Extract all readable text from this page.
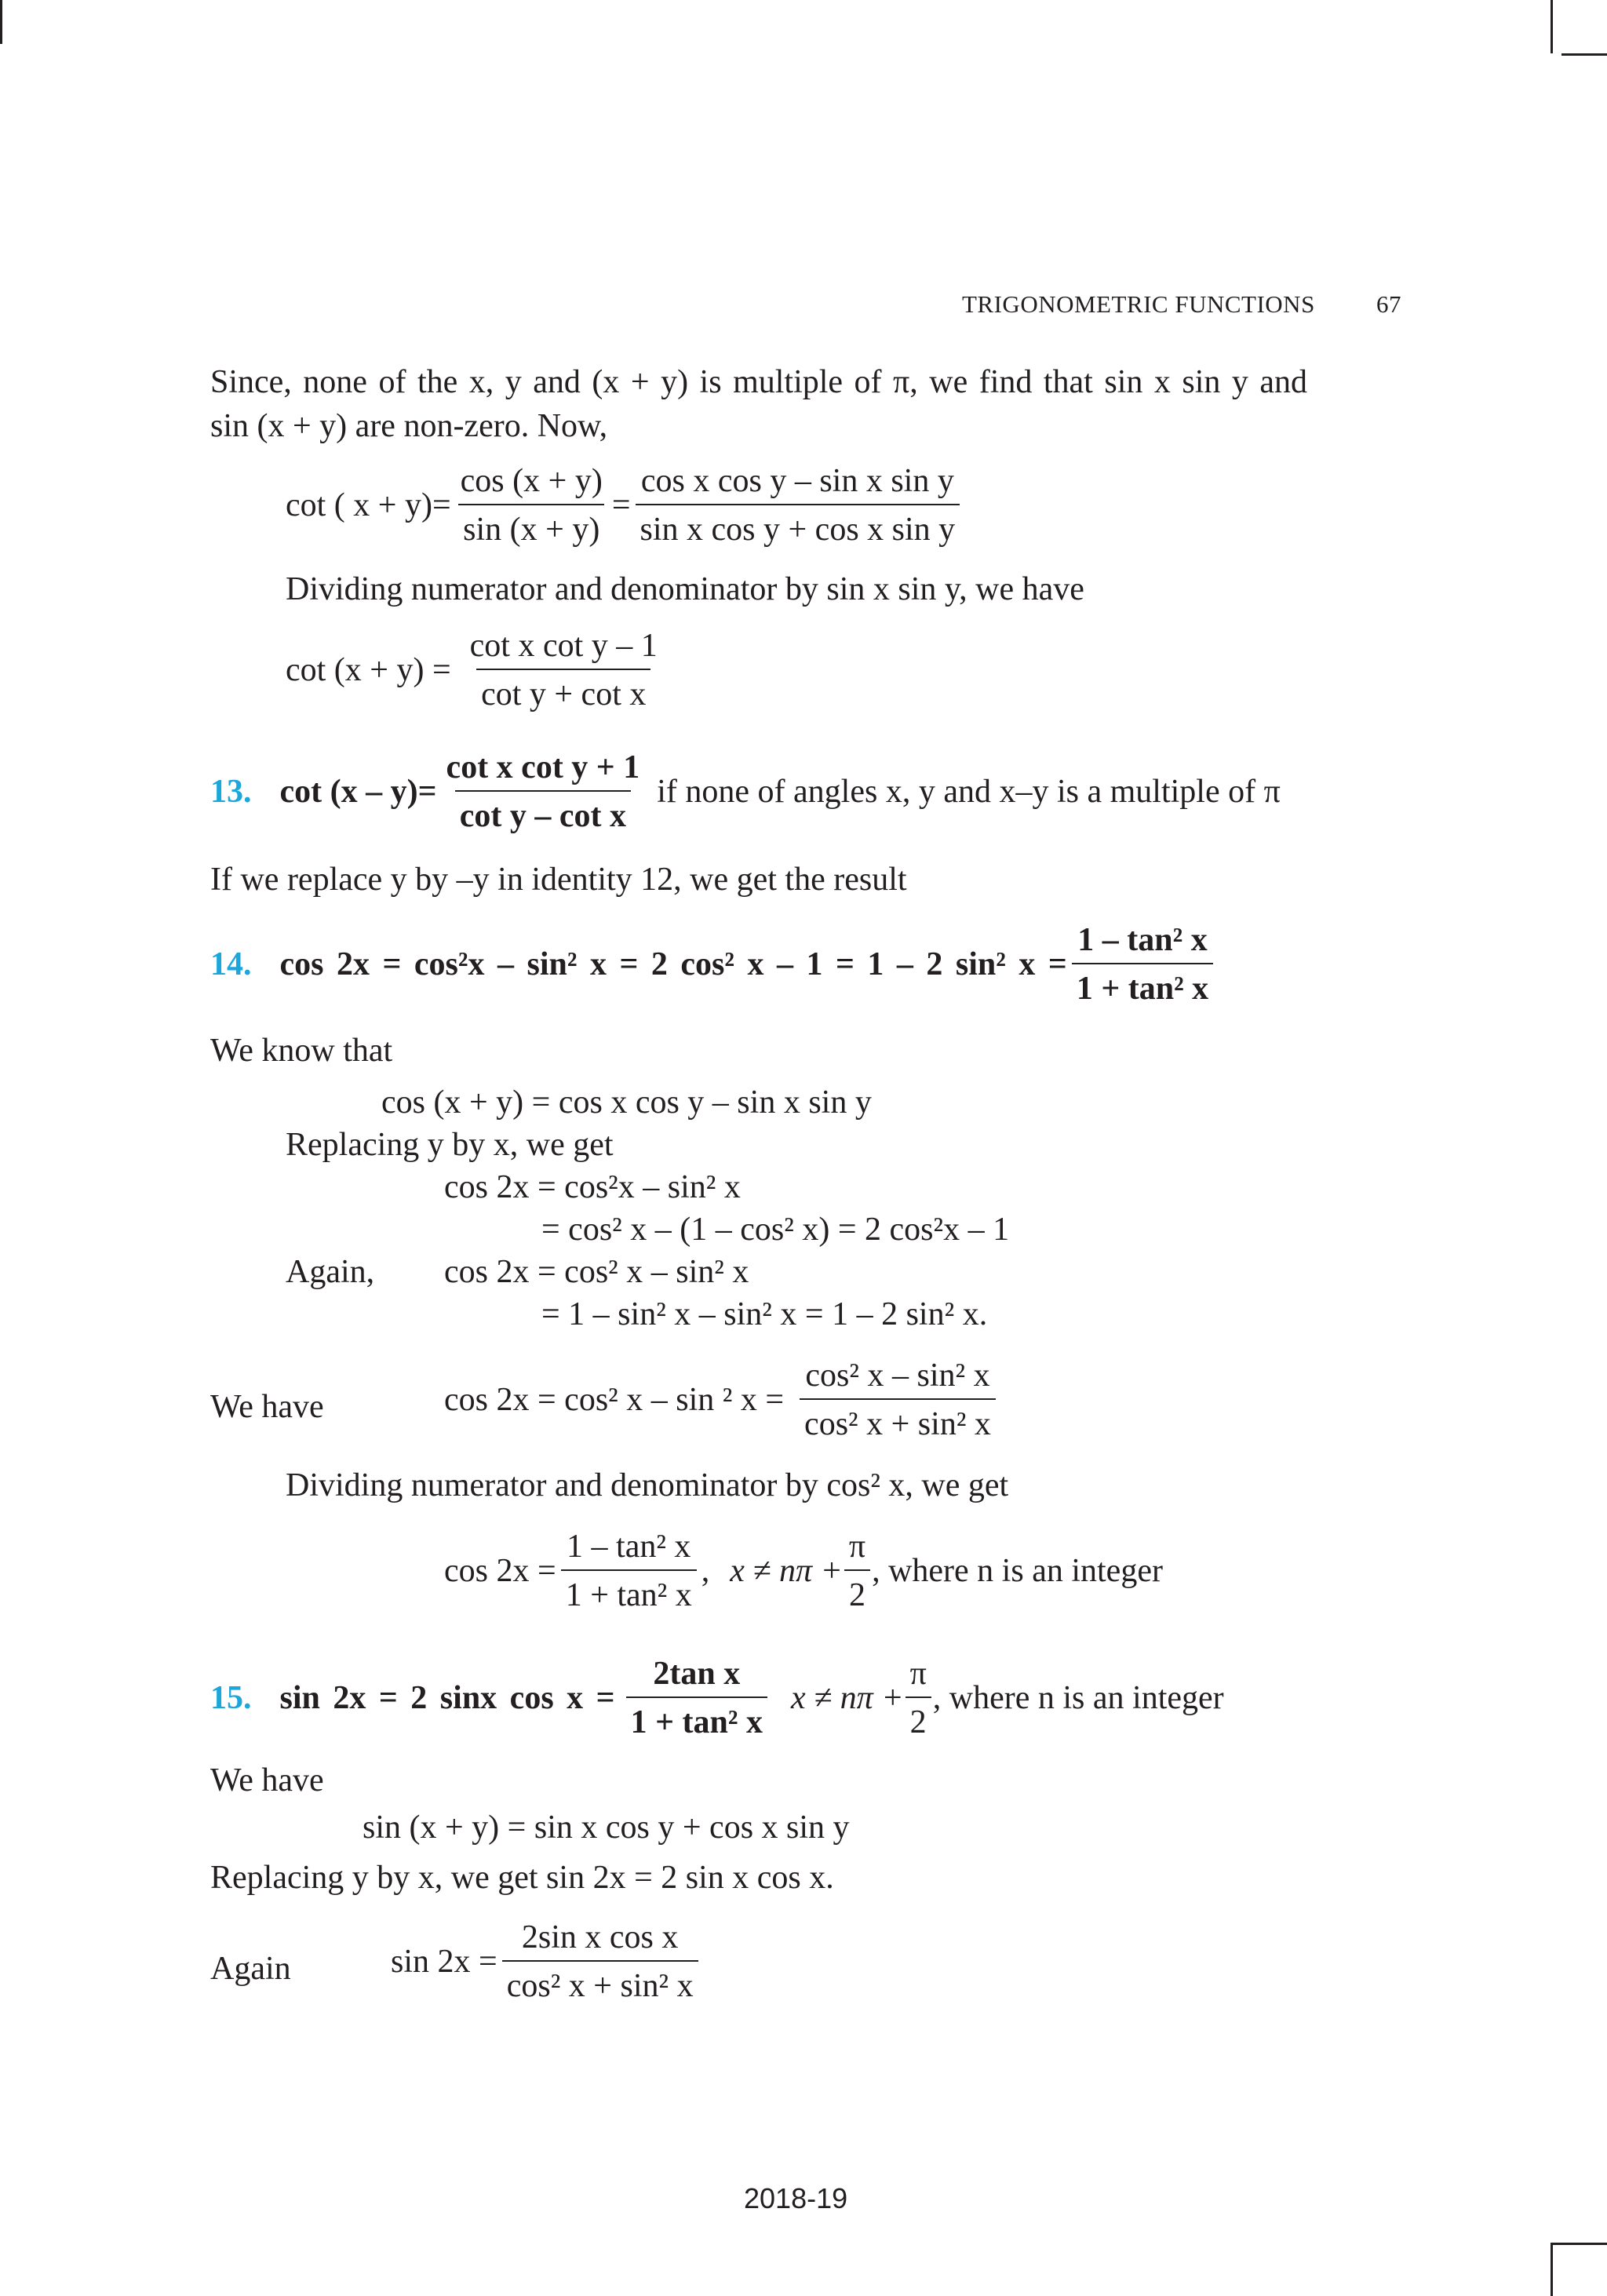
TRIGONOMETRIC FUNCTIONS	67
Since, none of the x, y and (x + y) is multiple of π, we find that sin x sin y and
sin (x + y) are non-zero. Now,
cot ( $x + y)= \frac{\cos (x + y)}{\sin (x + y)} = \frac{\text{cos x cos y – sin x sin y}}{\text{sin x cos y + cos x sin y}}$
Dividing numerator and denominator by sin x sin y, we have
$\cot (x + y) = \frac{\text{cot x cot y – 1}}{\text{cot y + cot x}}$
13. $\cot (x - y)= \frac{\text{cot x cot y + 1}}{\text{cot y – cot x}}$ if none of angles x, y and x–y is a multiple of π
If we replace y by –y in identity 12, we get the result
14. cos 2x = cos²x – sin² x = 2 cos² x – 1 = 1 – 2 sin² $x = \frac{\text{1 – tan² x}}{\text{1 + tan² x}}$
We know that
cos (x + y) = cos x cos y – sin x sin y
Replacing y by x, we get
cos 2x = cos²x – sin² x
= cos² x – (1 – cos² x) = 2 cos²x – 1
Again, cos 2x = cos² x – sin² x
= 1 – sin² x – sin² x = 1 – 2 sin² x.
We have	cos 2x = cos² x – sin ² $x = \frac{\text{cos² x – sin² x}}{\text{cos² x + sin² x}}$
Dividing numerator and denominator by cos² x, we get
$\cos 2x = \frac{\text{1 – tan² x}}{\text{1 + tan² x}}$ , $x \ne n\pi + \frac{\pi}{2}$ , where n is an integer
15. sin 2x = 2 sinx $\cos x = \frac{\text{2tan x}}{\text{1 + tan² x}}$ $x \ne n\pi + \frac{\pi}{2}$ , where n is an integer
We have
sin (x + y) = sin x cos y + cos x sin y
Replacing y by x, we get sin 2x = 2 sin x cos x.
Again	$\sin 2x = \frac{\text{2sin x cos x}}{\text{cos² x + sin² x}}$
2018-19
